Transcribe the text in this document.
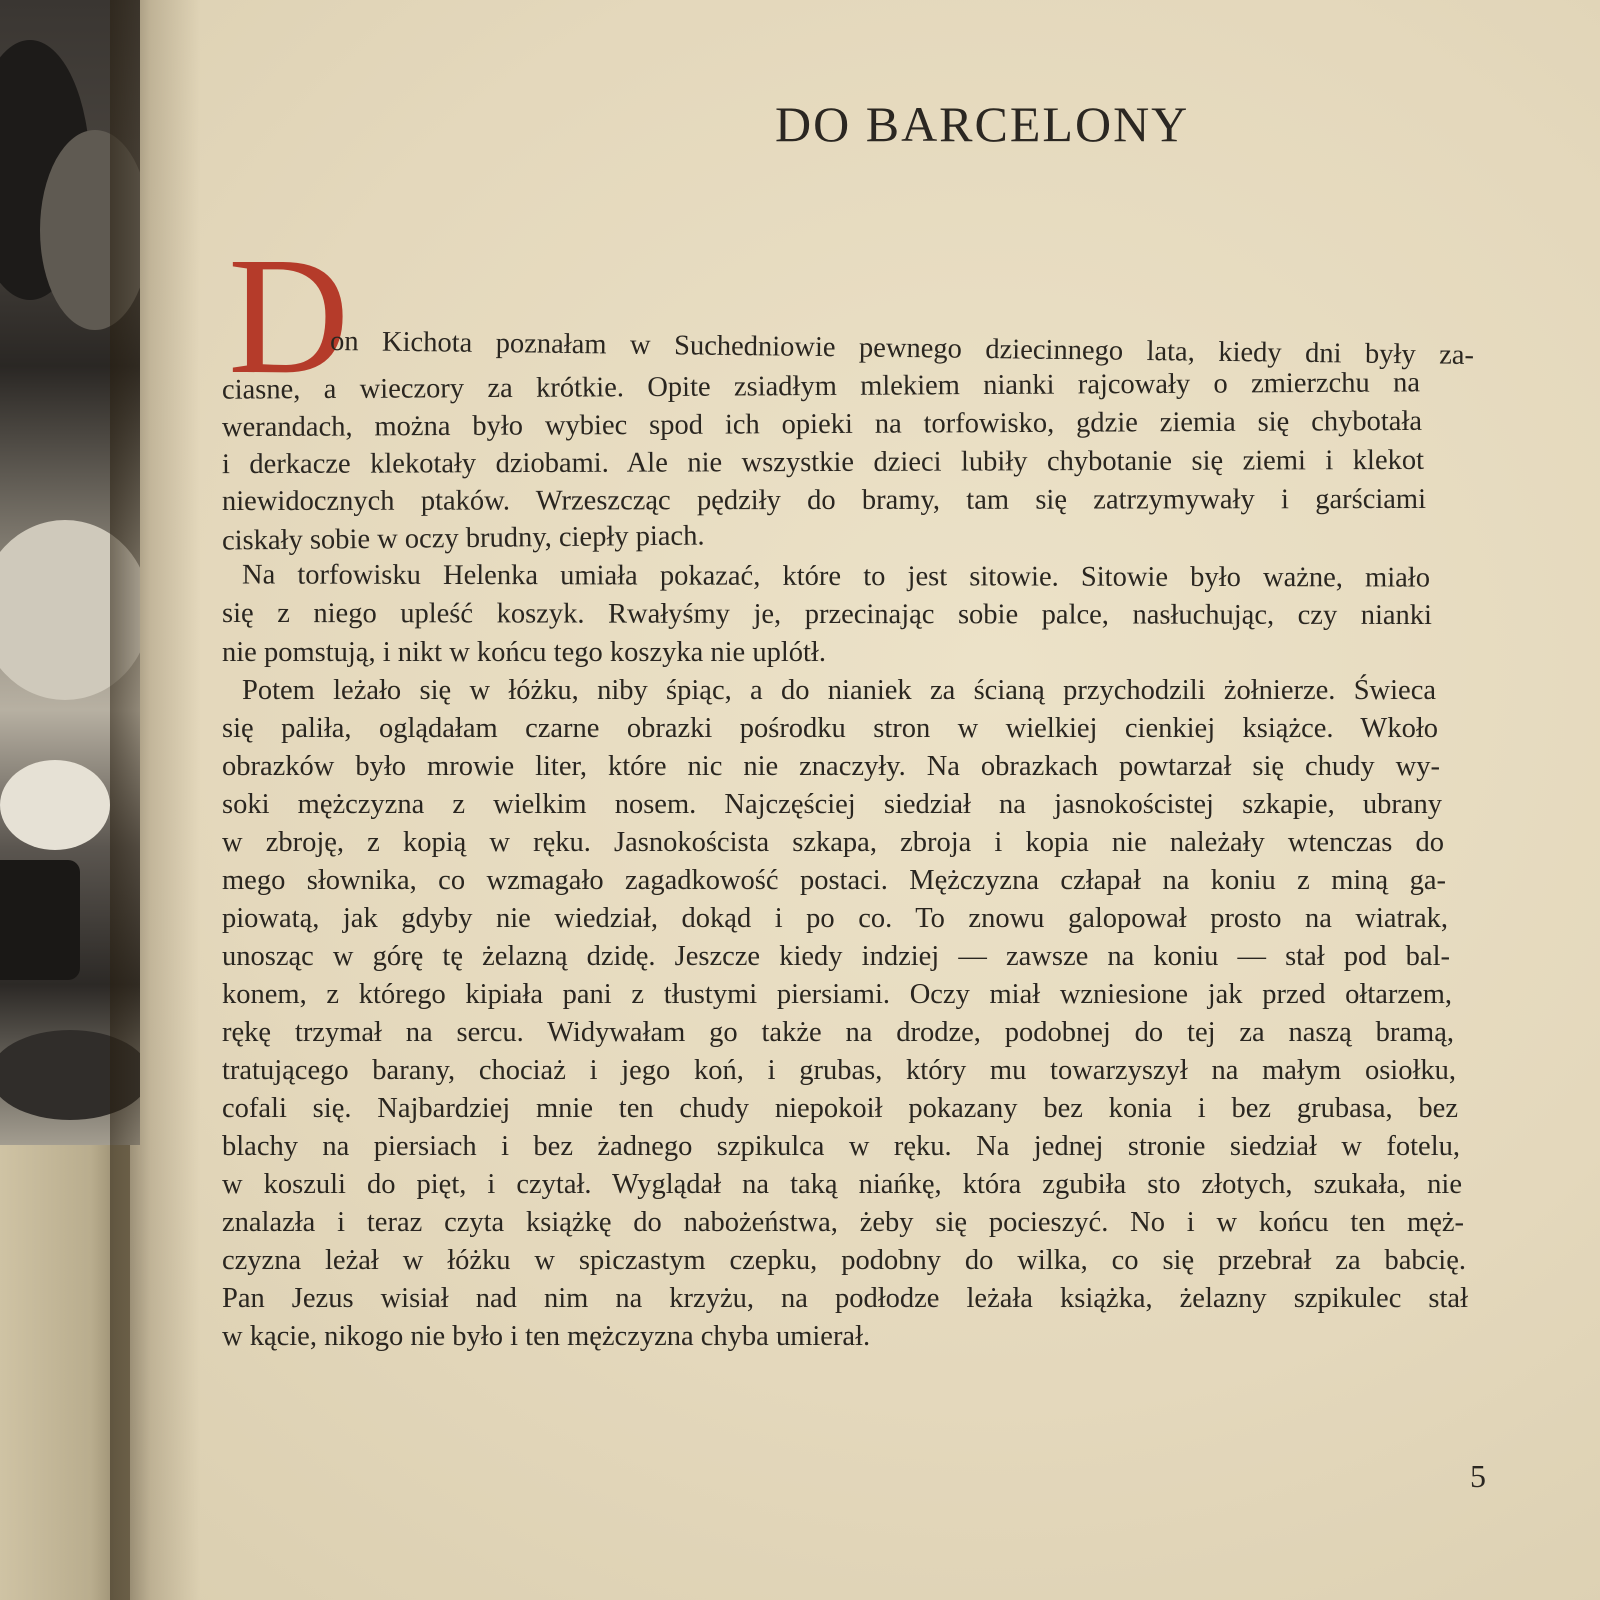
DO BARCELONY
D
on Kichota poznałam w Suchedniowie pewnego dziecinnego lata, kiedy dni były za-
ciasne, a wieczory za krótkie. Opite zsiadłym mlekiem nianki rajcowały o zmierzchu na
werandach, można było wybiec spod ich opieki na torfowisko, gdzie ziemia się chybotała
i derkacze klekotały dziobami. Ale nie wszystkie dzieci lubiły chybotanie się ziemi i klekot
niewidocznych ptaków. Wrzeszcząc pędziły do bramy, tam się zatrzymywały i garściami
ciskały sobie w oczy brudny, ciepły piach.
Na torfowisku Helenka umiała pokazać, które to jest sitowie. Sitowie było ważne, miało
się z niego upleść koszyk. Rwałyśmy je, przecinając sobie palce, nasłuchując, czy nianki
nie pomstują, i nikt w końcu tego koszyka nie uplótł.
Potem leżało się w łóżku, niby śpiąc, a do nianiek za ścianą przychodzili żołnierze. Świeca
się paliła, oglądałam czarne obrazki pośrodku stron w wielkiej cienkiej książce. Wkoło
obrazków było mrowie liter, które nic nie znaczyły. Na obrazkach powtarzał się chudy wy-
soki mężczyzna z wielkim nosem. Najczęściej siedział na jasnokościstej szkapie, ubrany
w zbroję, z kopią w ręku. Jasnokoścista szkapa, zbroja i kopia nie należały wtenczas do
mego słownika, co wzmagało zagadkowość postaci. Mężczyzna człapał na koniu z miną ga-
piowatą, jak gdyby nie wiedział, dokąd i po co. To znowu galopował prosto na wiatrak,
unosząc w górę tę żelazną dzidę. Jeszcze kiedy indziej — zawsze na koniu — stał pod bal-
konem, z którego kipiała pani z tłustymi piersiami. Oczy miał wzniesione jak przed ołtarzem,
rękę trzymał na sercu. Widywałam go także na drodze, podobnej do tej za naszą bramą,
tratującego barany, chociaż i jego koń, i grubas, który mu towarzyszył na małym osiołku,
cofali się. Najbardziej mnie ten chudy niepokoił pokazany bez konia i bez grubasa, bez
blachy na piersiach i bez żadnego szpikulca w ręku. Na jednej stronie siedział w fotelu,
w koszuli do pięt, i czytał. Wyglądał na taką niańkę, która zgubiła sto złotych, szukała, nie
znalazła i teraz czyta książkę do nabożeństwa, żeby się pocieszyć. No i w końcu ten męż-
czyzna leżał w łóżku w spiczastym czepku, podobny do wilka, co się przebrał za babcię.
Pan Jezus wisiał nad nim na krzyżu, na podłodze leżała książka, żelazny szpikulec stał
w kącie, nikogo nie było i ten mężczyzna chyba umierał.
5
